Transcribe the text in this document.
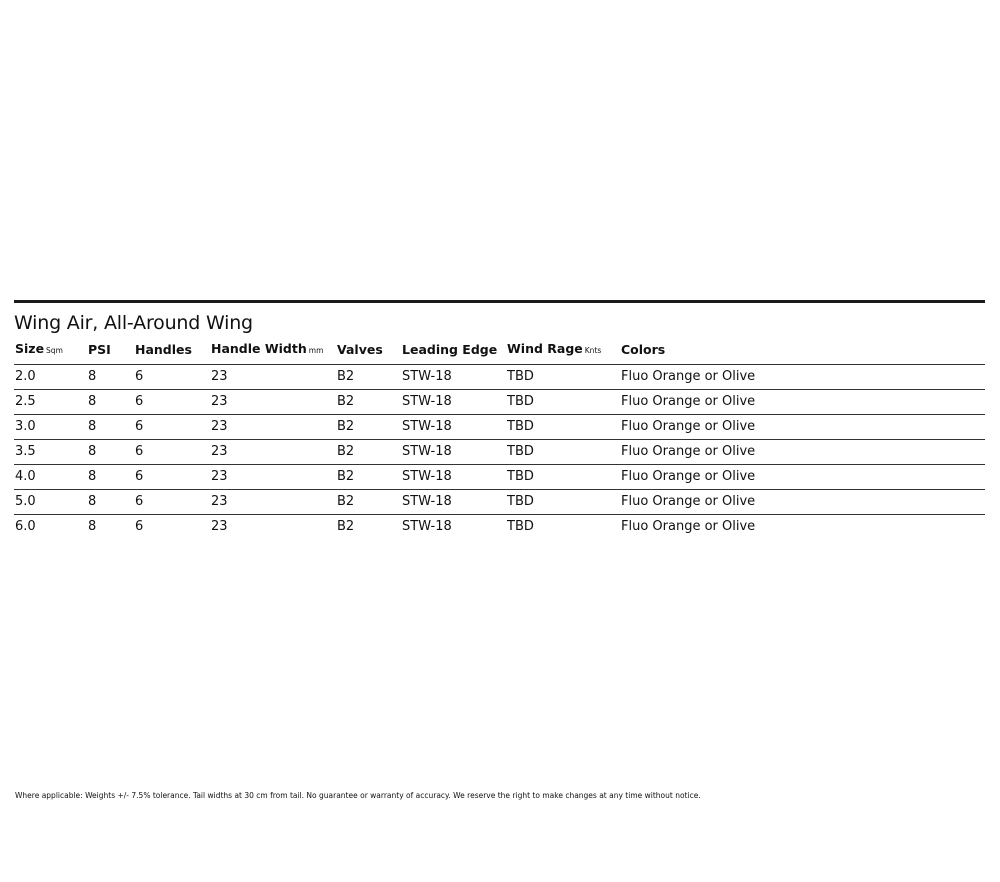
Wing Air, All-Around Wing
Size Sqm	PSI	Handles	Handle Width mm	Valves	Leading Edge	Wind Rage Knts	Colors
2.0	8	6	23	B2	STW-18	TBD	Fluo Orange or Olive
2.5	8	6	23	B2	STW-18	TBD	Fluo Orange or Olive
3.0	8	6	23	B2	STW-18	TBD	Fluo Orange or Olive
3.5	8	6	23	B2	STW-18	TBD	Fluo Orange or Olive
4.0	8	6	23	B2	STW-18	TBD	Fluo Orange or Olive
5.0	8	6	23	B2	STW-18	TBD	Fluo Orange or Olive
6.0	8	6	23	B2	STW-18	TBD	Fluo Orange or Olive
Where applicable: Weights +/- 7.5% tolerance. Tail widths at 30 cm from tail. No guarantee or warranty of accuracy. We reserve the right to make changes at any time without notice.
